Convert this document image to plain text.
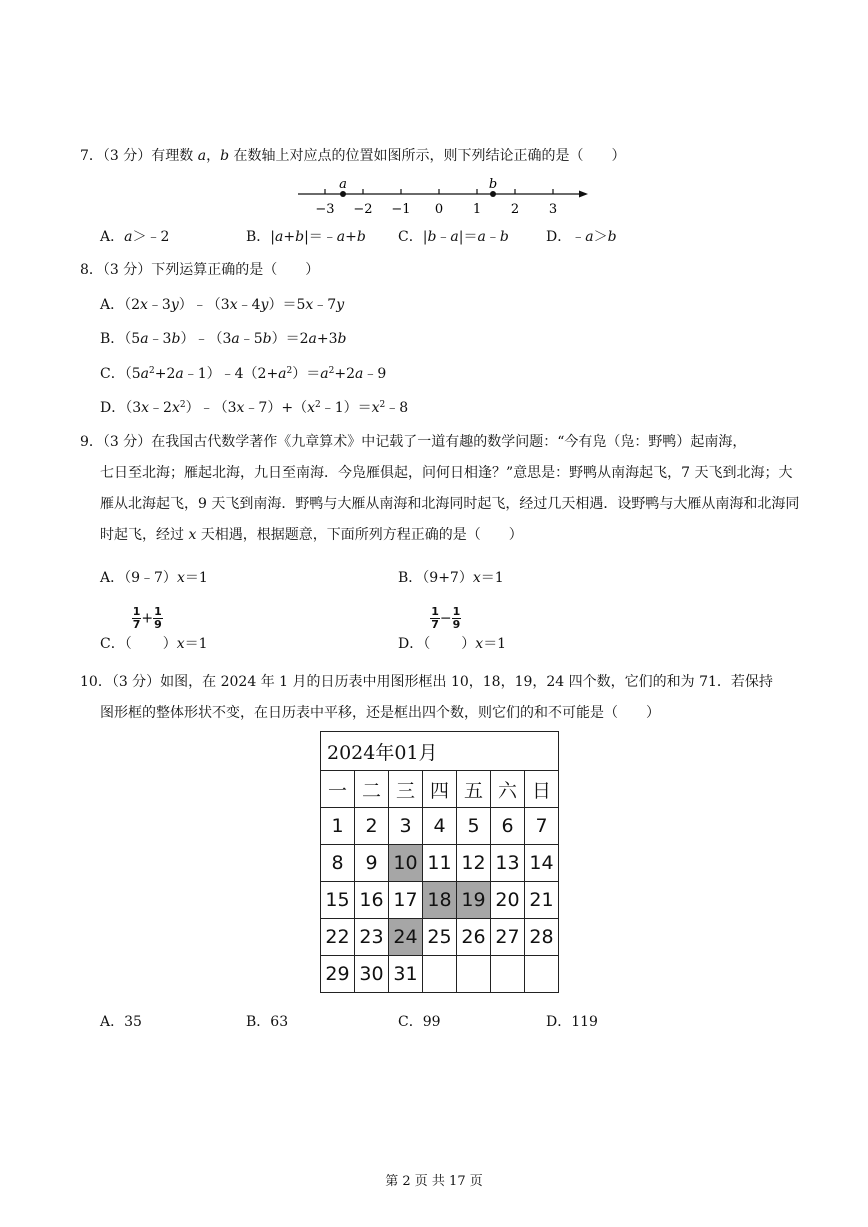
7．（3 分）有理数 a，b 在数轴上对应点的位置如图所示，则下列结论正确的是（　　）
−3 −2 −1 0 1 2 3
a	b
A．a＞﹣2	B．|a+b|＝﹣a+b C．|b﹣a|＝a﹣b	D．﹣a＞b
8．（3 分）下列运算正确的是（　　）
A．（2x﹣3y）﹣（3x﹣4y）＝5x﹣7y
B．（5a﹣3b）﹣（3a﹣5b）＝2a+3b
C．$(5a^2+2a﹣1)﹣4(2+a^2)=a^2+2a﹣9$
D．$(3x﹣2x^2)﹣(3x﹣7)+(x^2﹣1)=x^2﹣8$
9．（3 分）在我国古代数学著作《九章算术》中记载了一道有趣的数学问题：“今有凫（凫：野鸭）起南海，
七日至北海；雁起北海，九日至南海．今凫雁俱起，问何日相逢？”意思是：野鸭从南海起飞，7 天飞到北海；大雁从北海起飞，9 天飞到南海．野鸭与大雁从南海和北海同时起飞，经过几天相遇．设野鸭与大雁从南海和北海同时起飞，经过 x 天相遇，根据题意，下面所列方程正确的是（　　）
A．（9﹣7）x＝1	B．（9+7）x＝1
C．（
$\frac{1}{7} + \frac{1}{9}$
）x＝1	D．（
$\frac{1}{7} - \frac{1}{9}$
）x＝1
10．（3 分）如图，在 2024 年 1 月的日历表中用图形框出 10，18，19，24 四个数，它们的和为 71．若保持
图形框的整体形状不变，在日历表中平移，还是框出四个数，则它们的和不可能是（　　）
2024年01月						
一	二	三	四	五	六	日
1	2	3	4	5	6	7
8	9	10	11	12	13	14
15	16	17	18	19	20	21
22	23	24	25	26	27	28
29	30	31				
A．35	B．63	C．99	D．119
第 2 页 共 17 页
